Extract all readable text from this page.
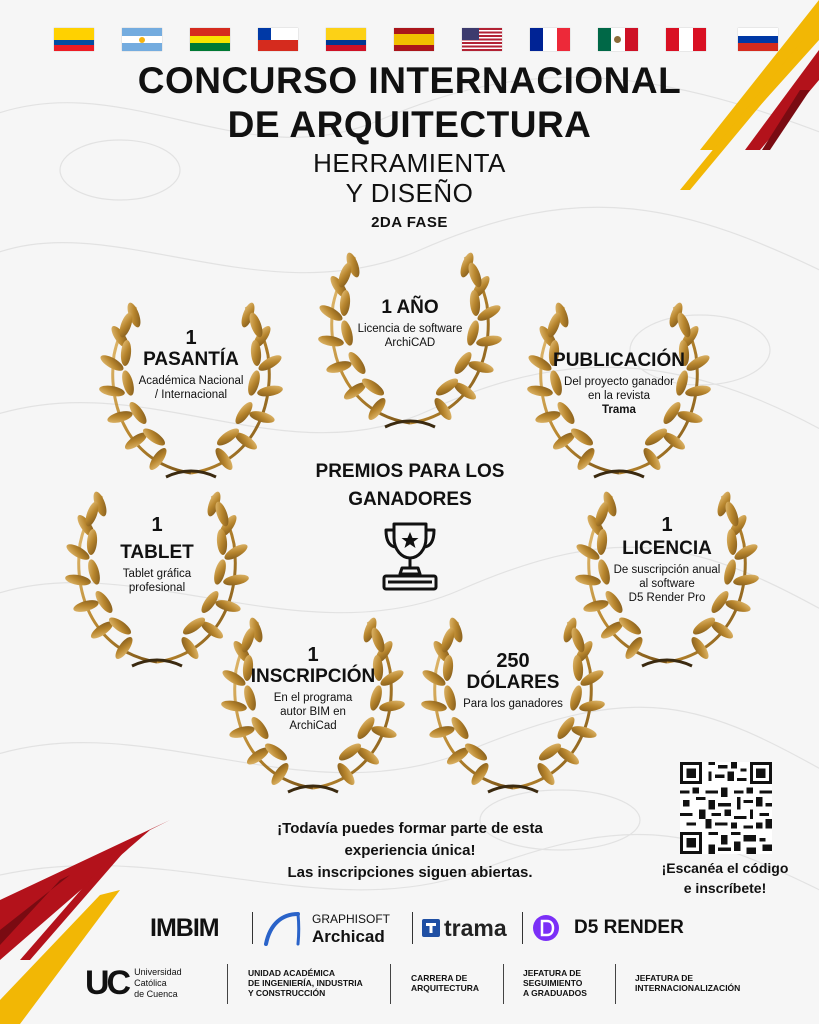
CONCURSO INTERNACIONAL
DE ARQUITECTURA
HERRAMIENTA
Y DISEÑO
2DA FASE
1 AÑO
Licencia de software
ArchiCAD
1
PASANTÍA
Académica Nacional
/ Internacional
PUBLICACIÓN
Del proyecto ganador
en la revista
Trama
PREMIOS PARA LOS
GANADORES
1
TABLET
Tablet gráfica
profesional
1
LICENCIA
De suscripción anual
al software
D5 Render Pro
1
INSCRIPCIÓN
En el programa
autor BIM en
ArchiCad
250
DÓLARES
Para los ganadores
¡Todavía puedes formar parte de esta
experiencia única!
Las inscripciones siguen abiertas.	¡Escanéa el código
e inscríbete!
IMBIM	GRAPHISOFT
Archicad	trama	D5 RENDER
UC Universidad
Católica
de Cuenca
UNIDAD ACADÉMICA
DE INGENIERÍA, INDUSTRIA
Y CONSTRUCCIÓN
CARRERA DE
ARQUITECTURA
JEFATURA DE
SEGUIMIENTO
A GRADUADOS
JEFATURA DE
INTERNACIONALIZACIÓN
